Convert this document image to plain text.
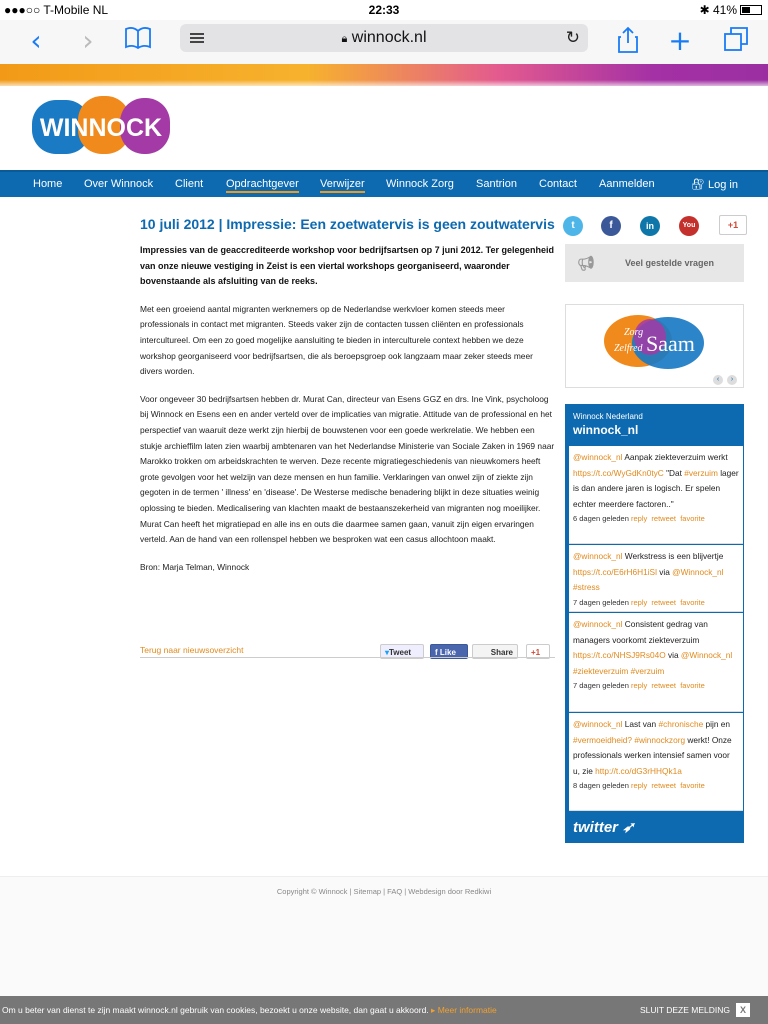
●●●○○ T-Mobile NL	22:33	✱ 41%
‹	›	🔒︎ winnock.nl	↻	+
WINNOCK
Home Over Winnock Client Opdrachtgever Verwijzer Winnock Zorg Santrion Contact Aanmelden	🔐︎ Log in
10 juli 2012 | Impressie: Een zoetwatervis is geen zoutwatervis

Impressies van de geaccrediteerde workshop voor bedrijfsartsen op 7 juni 2012. Ter gelegenheid van onze nieuwe vestiging in Zeist is een viertal workshops georganiseerd, waaronder bovenstaande als afsluiting van de reeks.

Met een groeiend aantal migranten werknemers op de Nederlandse werkvloer komen steeds meer professionals in contact met migranten. Steeds vaker zijn de contacten tussen cliënten en professionals intercultureel. Om een zo goed mogelijke aansluiting te bieden in interculturele context hebben we deze workshop georganiseerd voor bedrijfsartsen, die als beroepsgroep ook langzaam maar zeker steeds meer divers worden.

Voor ongeveer 30 bedrijfsartsen hebben dr. Murat Can, directeur van Esens GGZ en drs. Ine Vink, psycholoog bij Winnock en Esens een en ander verteld over de implicaties van migratie. Attitude van de professional en het perspectief van waaruit deze werkt zijn hierbij de bouwstenen voor een goede werkrelatie. We hebben een stukje archieffilm laten zien waarbij ambtenaren van het Nederlandse Ministerie van Sociale Zaken in 1969 naar Marokko trokken om arbeidskrachten te werven. Deze recente migratiegeschiedenis van nieuwkomers heeft grote gevolgen voor het welzijn van deze mensen en hun familie. Verklaringen van onwel zijn of ziekte zijn gegoten in de termen ' illness' en 'disease'. De Westerse medische benadering blijkt in deze situaties weinig oplossing te bieden. Medicalisering van klachten maakt de bestaanszekerheid van migranten nog moeilijker. Murat Can heeft het migratiepad en alle ins en outs die daarmee samen gaan, vanuit zijn eigen ervaringen verteld. Aan de hand van een rollenspel hebben we besproken wat een casus allochtoon maakt.

Bron: Marja Telman, Winnock

Terug naar nieuwsoverzicht	▾Tweet	f Like	Share	+1
t	f	in	You	+1
📢︎	Veel gestelde vragen
Zorg
Zelfred Saam
‹	›
Winnock Nederland
winnock_nl
@winnock_nl Aanpak ziekteverzuim werkt https://t.co/WyGdKn0tyC "Dat #verzuim lager is dan andere jaren is logisch. Er spelen echter meerdere factoren.."
6 dagen geleden reply retweet favorite
@winnock_nl Werkstress is een blijvertje https://t.co/E6rH6H1iSl via @Winnock_nl #stress
7 dagen geleden reply retweet favorite
@winnock_nl Consistent gedrag van managers voorkomt ziekteverzuim https://t.co/NHSJ9Rs04O via @Winnock_nl #ziekteverzuim #verzuim
7 dagen geleden reply retweet favorite
@winnock_nl Last van #chronische pijn en #vermoeidheid? #winnockzorg werkt! Onze professionals werken intensief samen voor u, zie http://t.co/dG3rHHQk1a
8 dagen geleden reply retweet favorite
twitter ➶
Copyright © Winnock | Sitemap | FAQ | Webdesign door Redkiwi
Om u beter van dienst te zijn maakt winnock.nl gebruik van cookies, bezoekt u onze website, dan gaat u akkoord. ▸ Meer informatie	SLUIT DEZE MELDING	X
